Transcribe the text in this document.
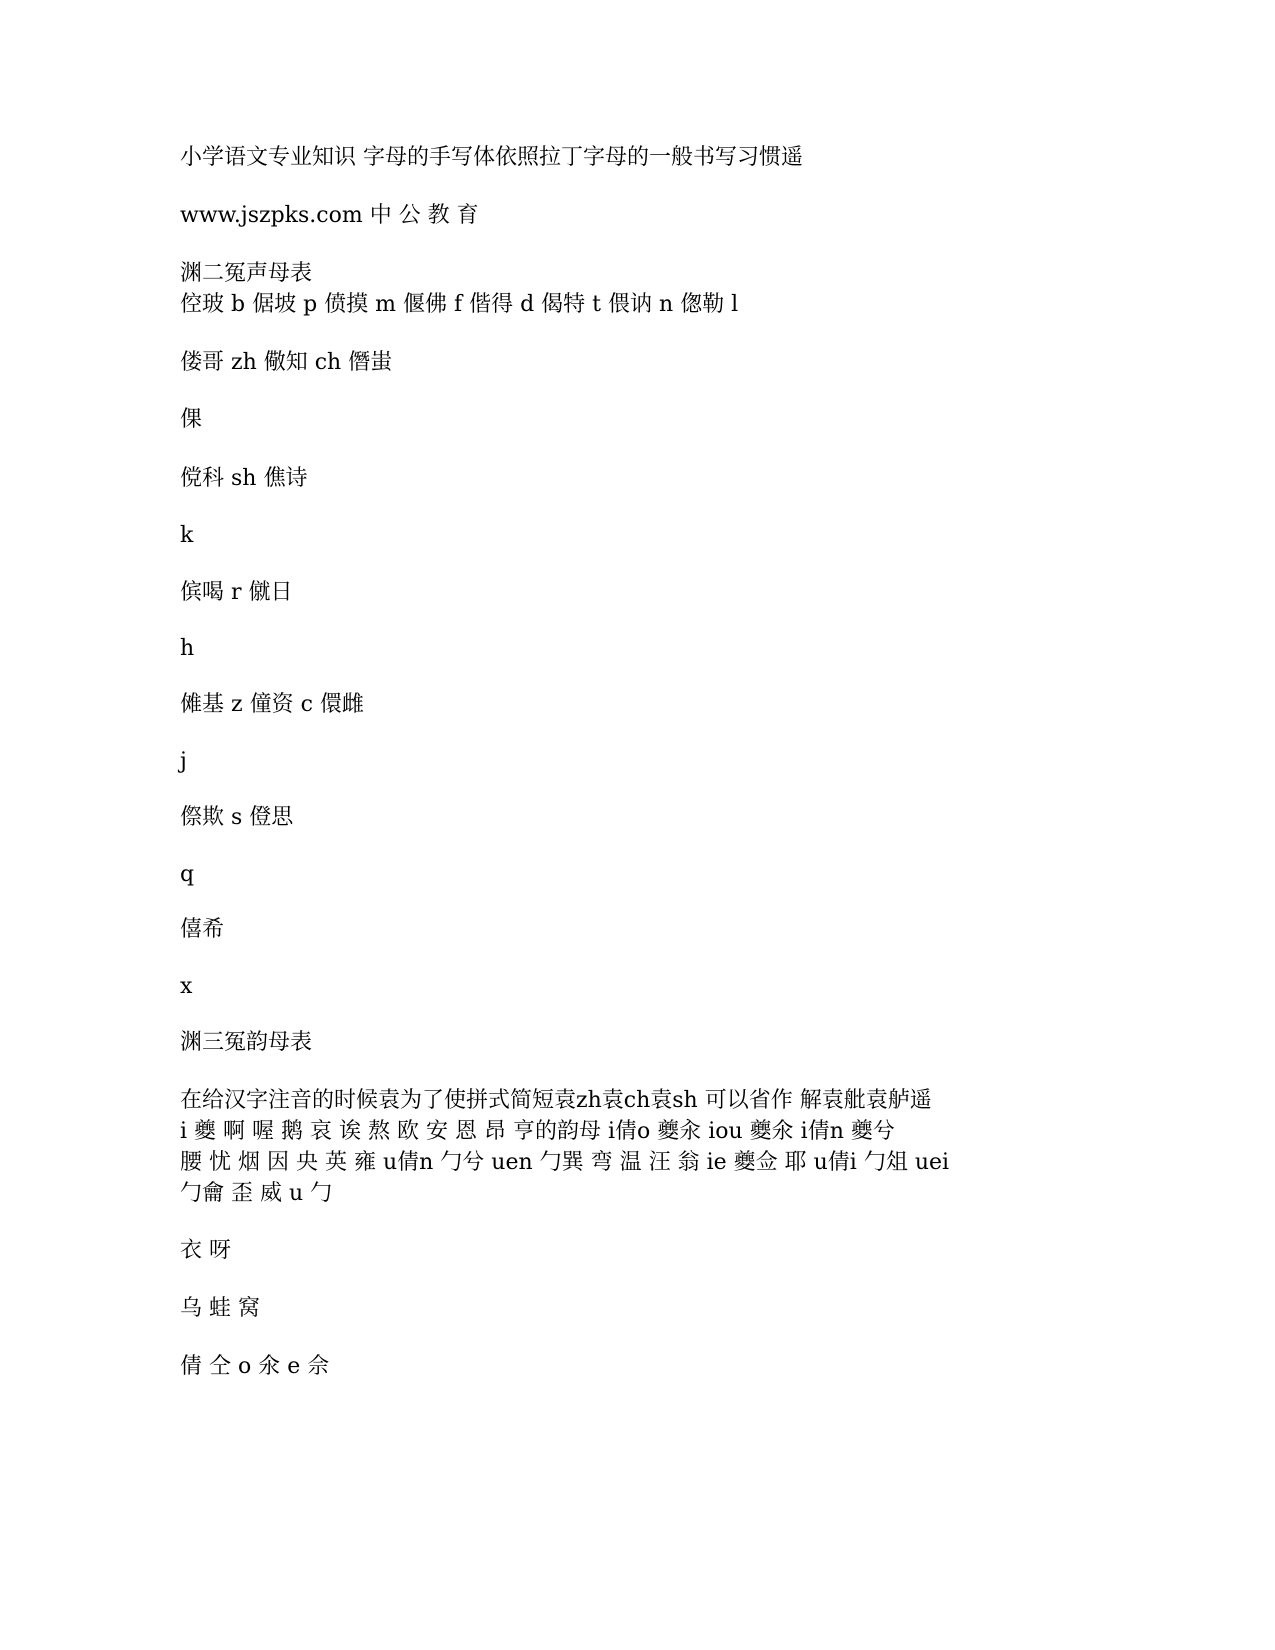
小学语文专业知识 字母的手写体依照拉丁字母的一般书写习惯遥
www.jszpks.com 中 公 教 育
渊二冤声母表
倥玻 b 倨坡 p 偾摸 m 偃佛 f 偕得 d 偈特 t 偎讷 n 偬勒 l
偻哥 zh 儆知 ch 僭蚩
倮
傥科 sh 僬诗
k
傧喝 r 僦日
h
傩基 z 僮资 c 儇雌
j
傺欺 s 僜思
q
僖希
x
渊三冤韵母表
在给汉字注音的时候袁为了使拼式简短袁zh袁ch袁sh 可以省作 解袁舭袁舻遥
i 夔 啊 喔 鹅 哀 诶 熬 欧 安 恩 昂 亨的韵母 i倩o 夔汆 iou 夔氽 i倩n 夔兮
腰 忧 烟 因 央 英 雍 u倩n 勹兮 uen 勹巽 弯 温 汪 翁 ie 夔佥 耶 u倩i 勹俎 uei
勹龠 歪 威 u 勹
衣 呀
乌 蛙 窝
倩 仝 o 氽 e 佘
